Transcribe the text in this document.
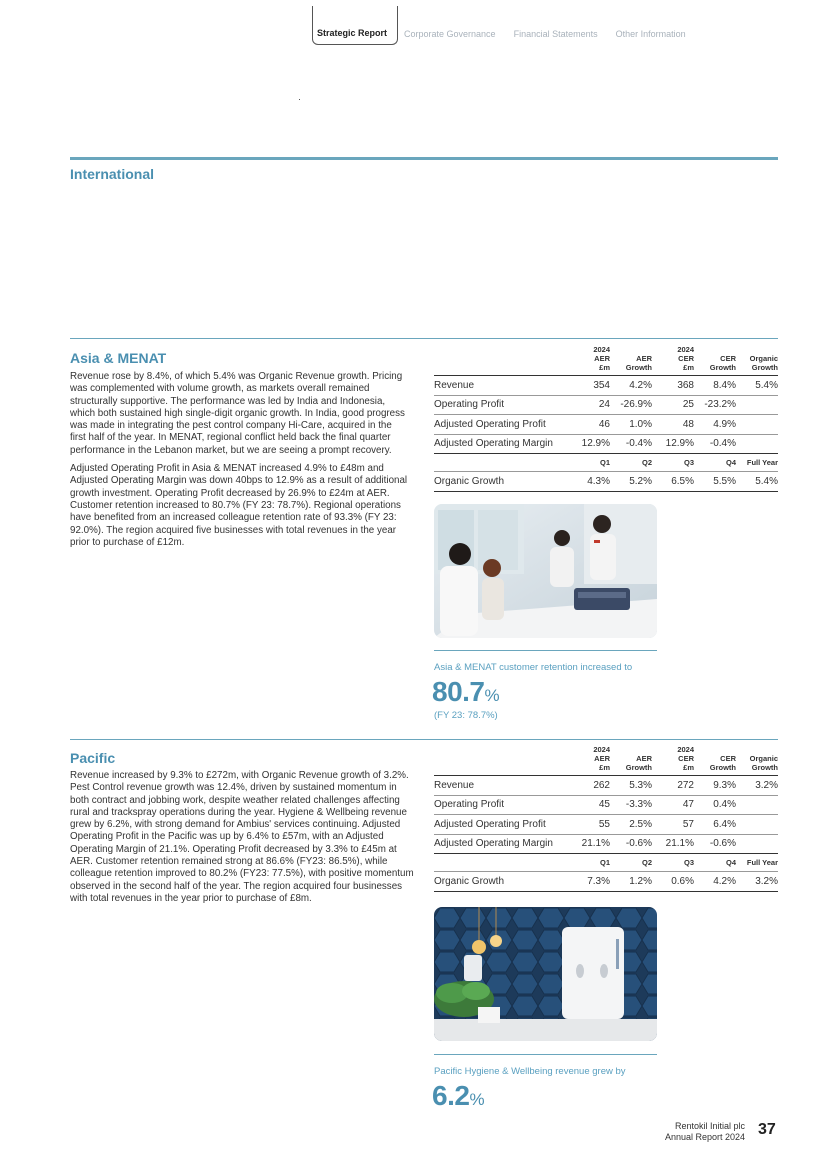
Strategic Report	Corporate Governance Financial Statements Other Information
International
Asia & MENAT

Revenue rose by 8.4%, of which 5.4% was Organic Revenue growth. Pricing was complemented with volume growth, as markets overall remained structurally supportive. The performance was led by India and Indonesia, which both sustained high single-digit organic growth. In India, good progress was made in integrating the pest control company Hi-Care, acquired in the first half of the year. In MENAT, regional conflict held back the final quarter performance in the Lebanon market, but we are seeing a prompt recovery.

Adjusted Operating Profit in Asia & MENAT increased 4.9% to £48m and Adjusted Operating Margin was down 40bps to 12.9% as a result of additional growth investment. Operating Profit decreased by 26.9% to £24m at AER. Customer retention increased to 80.7% (FY 23: 78.7%). Regional operations have benefited from an increased colleague retention rate of 93.3% (FY 23: 92.0%). The region acquired five businesses with total revenues in the year prior to purchase of £12m.

	2024
AER
£m	AER
Growth	2024
CER
£m	CER
Growth	Organic
Growth
Revenue	354	4.2%	368	8.4%	5.4%
Operating Profit	24	-26.9%	25	-23.2%	
Adjusted Operating Profit	46	1.0%	48	4.9%	
Adjusted Operating Margin	12.9%	-0.4%	12.9%	-0.4%	
	Q1	Q2	Q3	Q4	Full Year
Organic Growth	4.3%	5.2%	6.5%	5.5%	5.4%
Asia & MENAT customer retention increased to
80.7%
(FY 23: 78.7%)
Pacific

Revenue increased by 9.3% to £272m, with Organic Revenue growth of 3.2%. Pest Control revenue growth was 12.4%, driven by sustained momentum in both contract and jobbing work, despite weather related challenges affecting rural and trackspray operations during the year. Hygiene & Wellbeing revenue grew by 6.2%, with strong demand for Ambius' services continuing. Adjusted Operating Profit in the Pacific was up by 6.4% to £57m, with an Adjusted Operating Margin of 21.1%. Operating Profit decreased by 3.3% to £45m at AER. Customer retention remained strong at 86.6% (FY23: 86.5%), while colleague retention improved to 80.2% (FY23: 77.5%), with positive momentum observed in the second half of the year. The region acquired four businesses with total revenues in the year prior to purchase of £8m.

	2024
AER
£m	AER
Growth	2024
CER
£m	CER
Growth	Organic
Growth
Revenue	262	5.3%	272	9.3%	3.2%
Operating Profit	45	-3.3%	47	0.4%	
Adjusted Operating Profit	55	2.5%	57	6.4%	
Adjusted Operating Margin	21.1%	-0.6%	21.1%	-0.6%	
	Q1	Q2	Q3	Q4	Full Year
Organic Growth	7.3%	1.2%	0.6%	4.2%	3.2%
Pacific Hygiene & Wellbeing revenue grew by
6.2%
Rentokil Initial plc
Annual Report 2024 37
